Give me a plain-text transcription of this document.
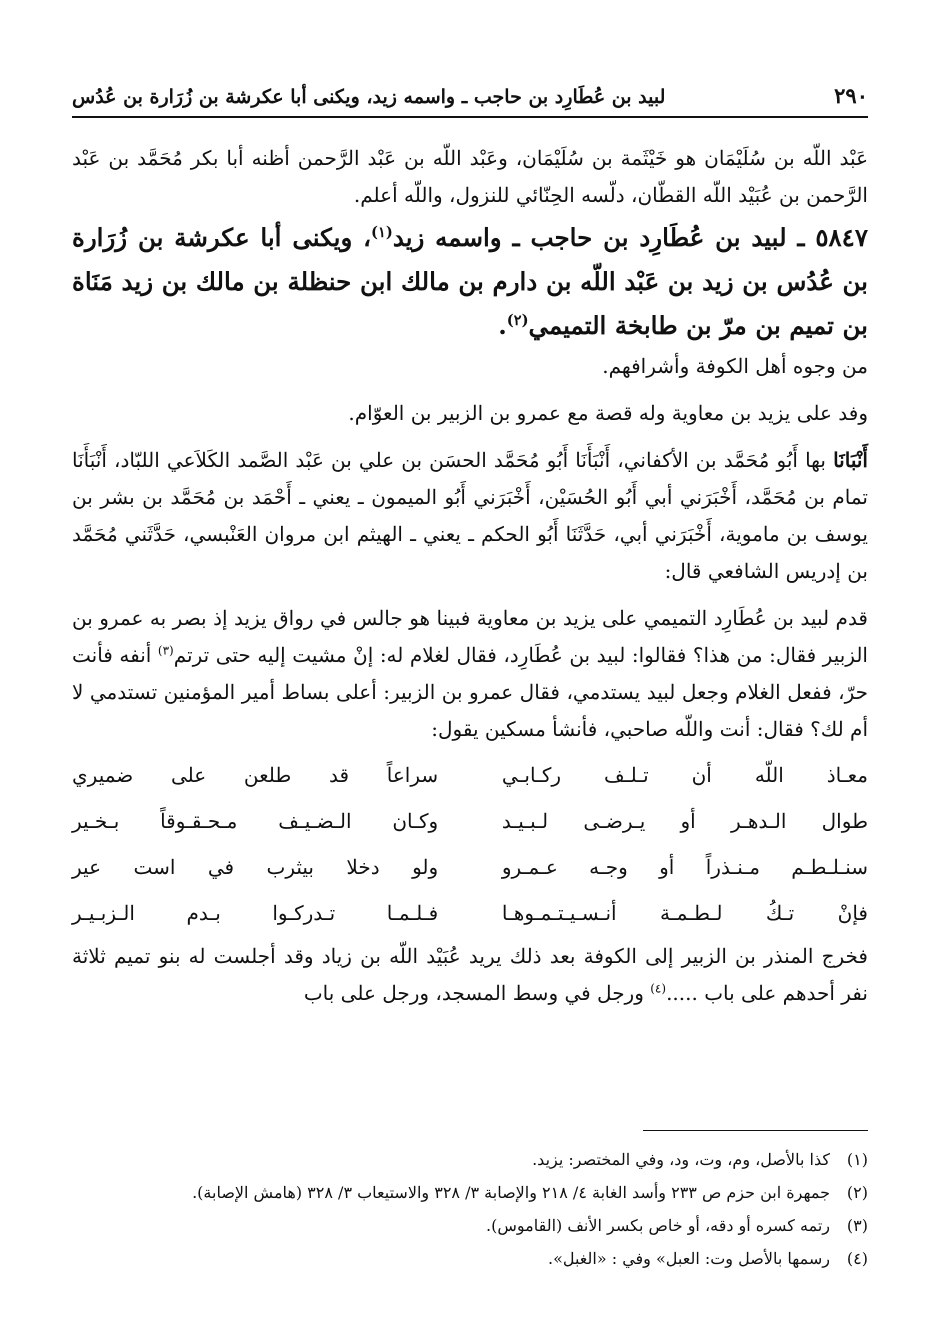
٢٩٠
لبيد بن عُطَارِد بن حاجب ـ واسمه زيد، ويكنى أبا عكرشة بن زُرَارة بن عُدُس

عَبْد اللّه بن سُلَيْمَان هو خَيْثَمة بن سُلَيْمَان، وعَبْد اللّه بن عَبْد الرَّحمن أظنه أبا بكر مُحَمَّد بن عَبْد الرَّحمن بن عُبَيْد اللّه القطّان، دلّسه الحِنّائي للنزول، واللّه أعلم.

٥٨٤٧ ـ لبيد بن عُطَارِد بن حاجب ـ واسمه زيد$^{(١)}$، ويكنى أبا عكرشة بن زُرَارة بن عُدُس بن زيد بن عَبْد اللّه بن دارم بن مالك ابن حنظلة بن مالك بن زيد مَنَاة بن تميم بن مرّ بن طابخة التميمي$^{(٢)}$.

من وجوه أهل الكوفة وأشرافهم.

وفد على يزيد بن معاوية وله قصة مع عمرو بن الزبير بن العوّام.

أَنْبَانَا بها أَبُو مُحَمَّد بن الأكفاني، أَنْبَأَنَا أَبُو مُحَمَّد الحسَن بن علي بن عَبْد الصَّمد الكَلاَعي اللبّاد، أَنْبَأَنَا تمام بن مُحَمَّد، أَخْبَرَني أبي أَبُو الحُسَيْن، أَخْبَرَني أَبُو الميمون ـ يعني ـ أَحْمَد بن مُحَمَّد بن بشر بن يوسف بن ماموية، أَخْبَرَني أبي، حَدَّثَنَا أَبُو الحكم ـ يعني ـ الهيثم ابن مروان العَنْبسي، حَدَّثَني مُحَمَّد بن إدريس الشافعي قال:

قدم لبيد بن عُطَارِد التميمي على يزيد بن معاوية فبينا هو جالس في رواق يزيد إذ بصر به عمرو بن الزبير فقال: من هذا؟ فقالوا: لبيد بن عُطَارِد، فقال لغلام له: إنْ مشيت إليه حتى ترتم$^{(٣)}$ أنفه فأنت حرّ، ففعل الغلام وجعل لبيد يستدمي، فقال عمرو بن الزبير: أعلى بساط أمير المؤمنين تستدمي لا أم لك؟ فقال: أنت واللّه صاحبي، فأنشأ مسكين يقول:

معـاذ اللّه أن تـلـف ركـابـي
سراعاً قد طلعن على ضميري
طوال الـدهـر أو يـرضـى لـبـيـد
وكـان الـضـيـف مـحـقـوقاً بـخـير
سنـلـطـم مـنـذراً أو وجـه عـمـرو
ولو دخلا بيثرب في است عير
فإنْ تـكُ لـطـمـة أنـسـيـتـمـوهـا
فـلـمـا تـدركـوا بـدم الـزبـيـر

فخرج المنذر بن الزبير إلى الكوفة بعد ذلك يريد عُبَيْد اللّه بن زياد وقد أجلست له بنو تميم ثلاثة نفر أحدهم على باب .....$^{(٤)}$ ورجل في وسط المسجد، ورجل على باب

(١)
كذا بالأصل، وم، وت، ود، وفي المختصر: يزيد.
(٢)
جمهرة ابن حزم ص ٢٣٣ وأسد الغابة ٤/ ٢١٨ والإصابة ٣/ ٣٢٨ والاستيعاب ٣/ ٣٢٨ (هامش الإصابة).
(٣)
رتمه كسره أو دقه، أو خاص بكسر الأنف (القاموس).
(٤)
رسمها بالأصل وت: العبل» وفي : «الغبل».
